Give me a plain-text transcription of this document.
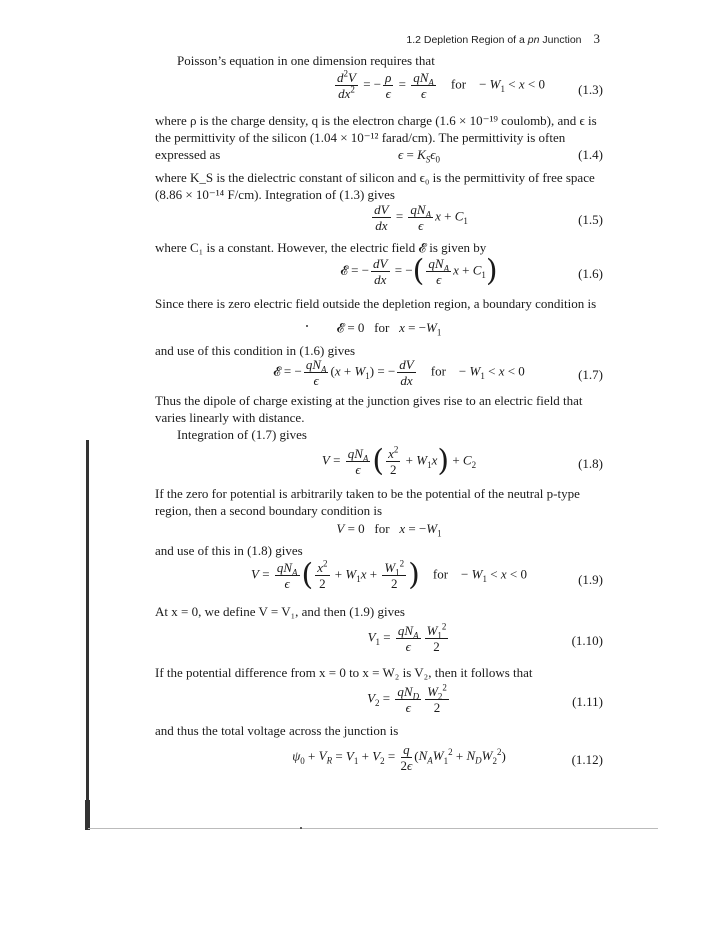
1.2 Depletion Region of a pn Junction 3
Poisson’s equation in one dimension requires that
$\frac{d^2V}{dx^2}$ = − $\frac{\rho}{\epsilon} = \frac{qN_A}{\epsilon}$ for    − $W_1 < x < 0$	(1.3)
where ρ is the charge density, q is the electron charge (1.6 × 10⁻¹⁹ coulomb), and ϵ is the permittivity of the silicon (1.04 × 10⁻¹² farad/cm). The permittivity is often expressed as	$\epsilon = K_S\epsilon_0$	(1.4)
where K_S is the dielectric constant of silicon and ϵ₀ is the permittivity of free space (8.86 × 10⁻¹⁴ F/cm). Integration of (1.3) gives
$\frac{dV}{dx} = \frac{qN_A}{\epsilon}$ $x + C_1$	(1.5)
where C₁ is a constant. However, the electric field 𝓔 is given by
𝓔 = − $\frac{dV}{dx}$ = −( $\frac{qN_A}{\epsilon}$ $x + C_1$)	(1.6)
Since there is zero electric field outside the depletion region, a boundary condition is
𝓔 = 0   for   $x = -W_1$
and use of this condition in (1.6) gives
𝓔 = − $\frac{qN_A}{\epsilon} (x + W_1)$ = − $\frac{dV}{dx}$ for    − $W_1 < x < 0$	(1.7)
Thus the dipole of charge existing at the junction gives rise to an electric field that varies linearly with distance.
Integration of (1.7) gives
$V = \frac{qN_A}{\epsilon}$ ( $\frac{x^2}{2} + W_1x) + C_2$	(1.8)
If the zero for potential is arbitrarily taken to be the potential of the neutral p-type region, then a second boundary condition is
V = 0   for   $x = -W_1$
and use of this in (1.8) gives
$V = \frac{qN_A}{\epsilon}$ ( $\frac{x^2}{2} + W_1x + \frac{W_1^2}{2}$ )    for    − $W_1 < x < 0$	(1.9)
At x = 0, we define V = V₁, and then (1.9) gives
$V_1 = \frac{qN_A}{\epsilon} \frac{W_1^2}{2}$	(1.10)
If the potential difference from x = 0 to x = W₂ is V₂, then it follows that
$V_2 = \frac{qN_D}{\epsilon} \frac{W_2^2}{2}$	(1.11)
and thus the total voltage across the junction is
$\psi_0 + V_R = V_1 + V_2 = \frac{q}{2\epsilon} (N_AW_1^2 + N_DW_2^2)$	(1.12)
